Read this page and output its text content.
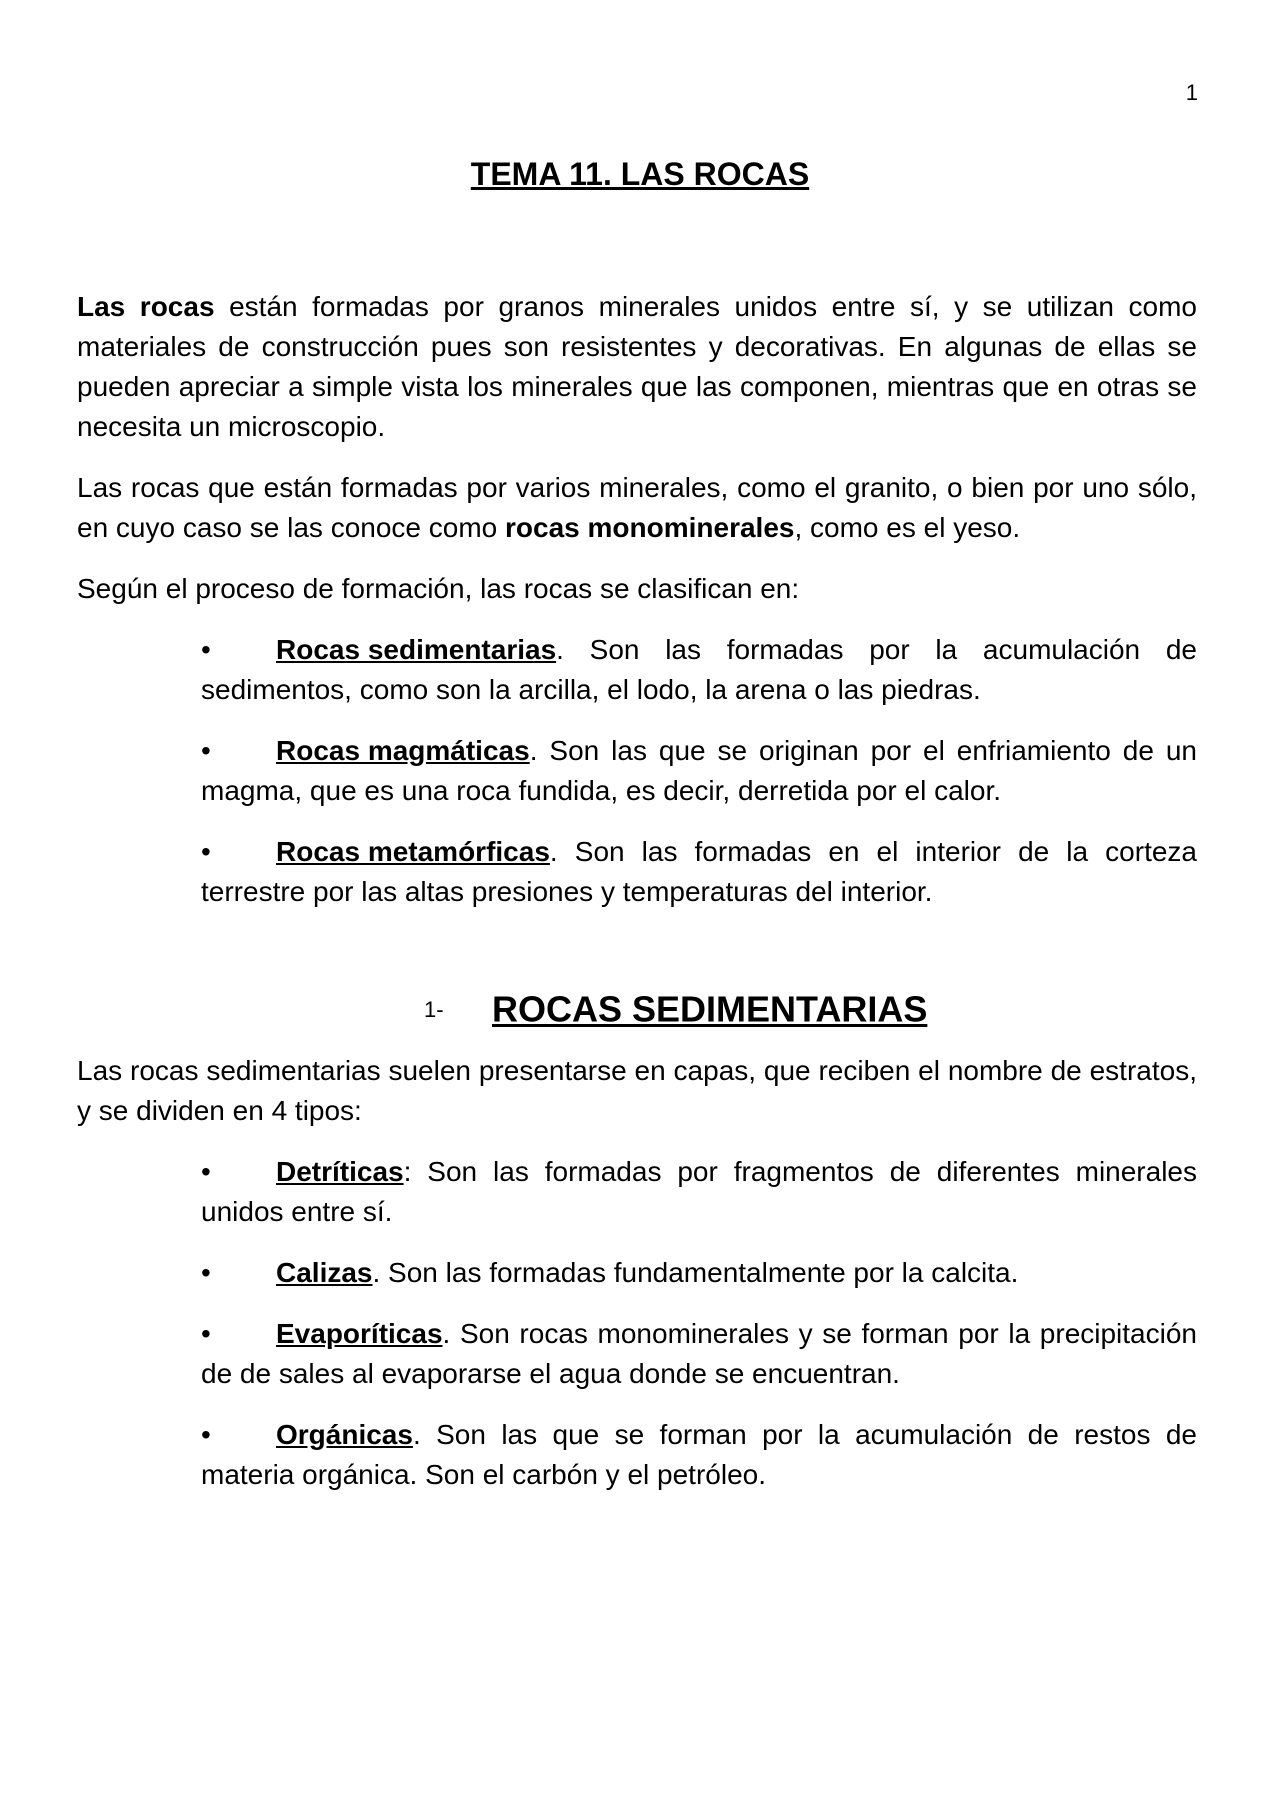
1
TEMA 11. LAS ROCAS

Las rocas están formadas por granos minerales unidos entre sí, y se utilizan como materiales de construcción pues son resistentes y decorativas. En algunas de ellas se pueden apreciar a simple vista los minerales que las componen, mientras que en otras se necesita un microscopio.

Las rocas que están formadas por varios minerales, como el granito, o bien por uno sólo, en cuyo caso se las conoce como rocas monominerales, como es el yeso.

Según el proceso de formación, las rocas se clasifican en:

• Rocas sedimentarias. Son las formadas por la acumulación de sedimentos, como son la arcilla, el lodo, la arena o las piedras.
• Rocas magmáticas. Son las que se originan por el enfriamiento de un magma, que es una roca fundida, es decir, derretida por el calor.
• Rocas metamórficas. Son las formadas en el interior de la corteza terrestre por las altas presiones y temperaturas del interior.
1- ROCAS SEDIMENTARIAS

Las rocas sedimentarias suelen presentarse en capas, que reciben el nombre de estratos, y se dividen en 4 tipos:

• Detríticas: Son las formadas por fragmentos de diferentes minerales unidos entre sí.
• Calizas. Son las formadas fundamentalmente por la calcita.
• Evaporíticas. Son rocas monominerales y se forman por la precipitación de de sales al evaporarse el agua donde se encuentran.
• Orgánicas. Son las que se forman por la acumulación de restos de materia orgánica. Son el carbón y el petróleo.
